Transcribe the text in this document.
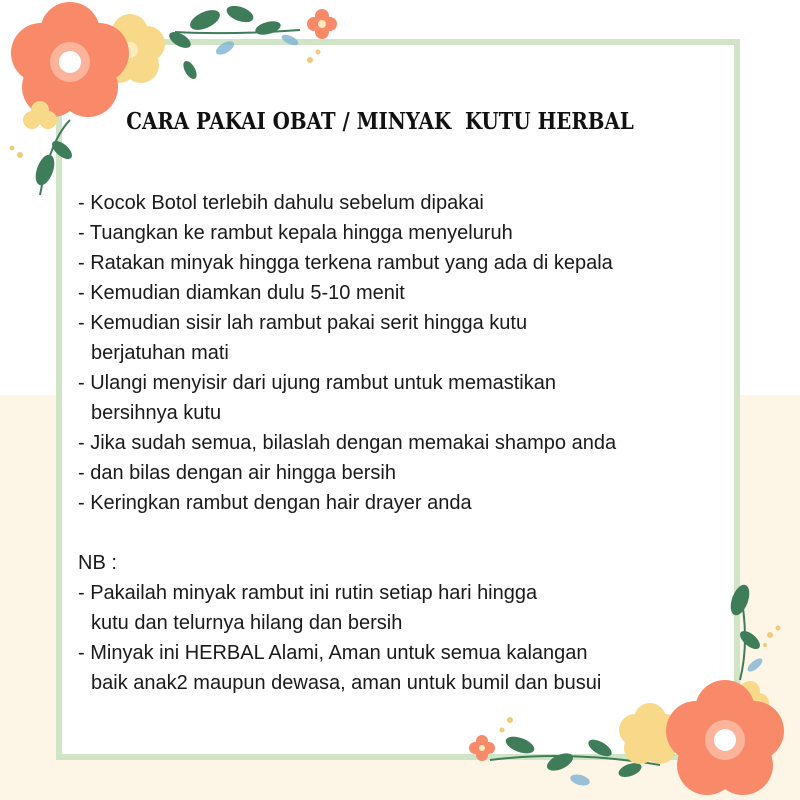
CARA PAKAI OBAT / MINYAK  KUTU HERBAL
- Kocok Botol terlebih dahulu sebelum dipakai
- Tuangkan ke rambut kepala hingga menyeluruh
- Ratakan minyak hingga terkena rambut yang ada di kepala
- Kemudian diamkan dulu 5-10 menit
- Kemudian sisir lah rambut pakai serit hingga kutu
berjatuhan mati
- Ulangi menyisir dari ujung rambut untuk memastikan
bersihnya kutu
- Jika sudah semua, bilaslah dengan memakai shampo anda
- dan bilas dengan air hingga bersih
- Keringkan rambut dengan hair drayer anda
NB :
- Pakailah minyak rambut ini rutin setiap hari hingga
kutu dan telurnya hilang dan bersih
- Minyak ini HERBAL Alami, Aman untuk semua kalangan
baik anak2 maupun dewasa, aman untuk bumil dan busui
